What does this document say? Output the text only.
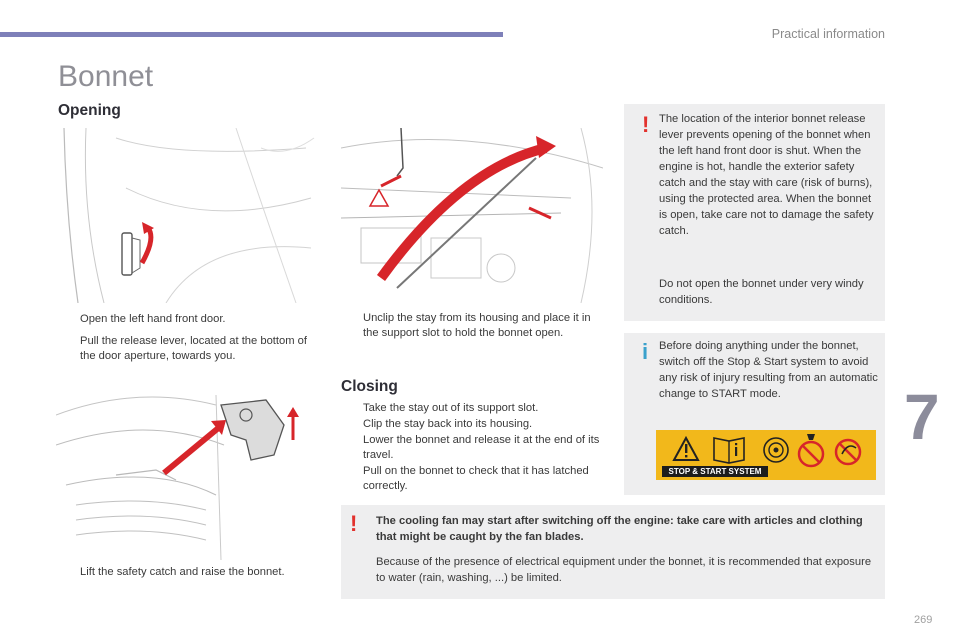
Practical information
Bonnet
Opening
Open the left hand front door.
Pull the release lever, located at the bottom of the door aperture, towards you.
Lift the safety catch and raise the bonnet.
Unclip the stay from its housing and place it in the support slot to hold the bonnet open.
Closing
Take the stay out of its support slot.
Clip the stay back into its housing.
Lower the bonnet and release it at the end of its travel.
Pull on the bonnet to check that it has latched correctly.
! The location of the interior bonnet release lever prevents opening of the bonnet when the left hand front door is shut. When the engine is hot, handle the exterior safety catch and the stay with care (risk of burns), using the protected area. When the bonnet is open, take care not to damage the safety catch.

Do not open the bonnet under very windy conditions.

i Before doing anything under the bonnet, switch off the Stop & Start system to avoid any risk of injury resulting from an automatic change to START mode.

STOP & START SYSTEM
! The cooling fan may start after switching off the engine: take care with articles and clothing that might be caught by the fan blades.

Because of the presence of electrical equipment under the bonnet, it is recommended that exposure to water (rain, washing, ...) be limited.

7
269
